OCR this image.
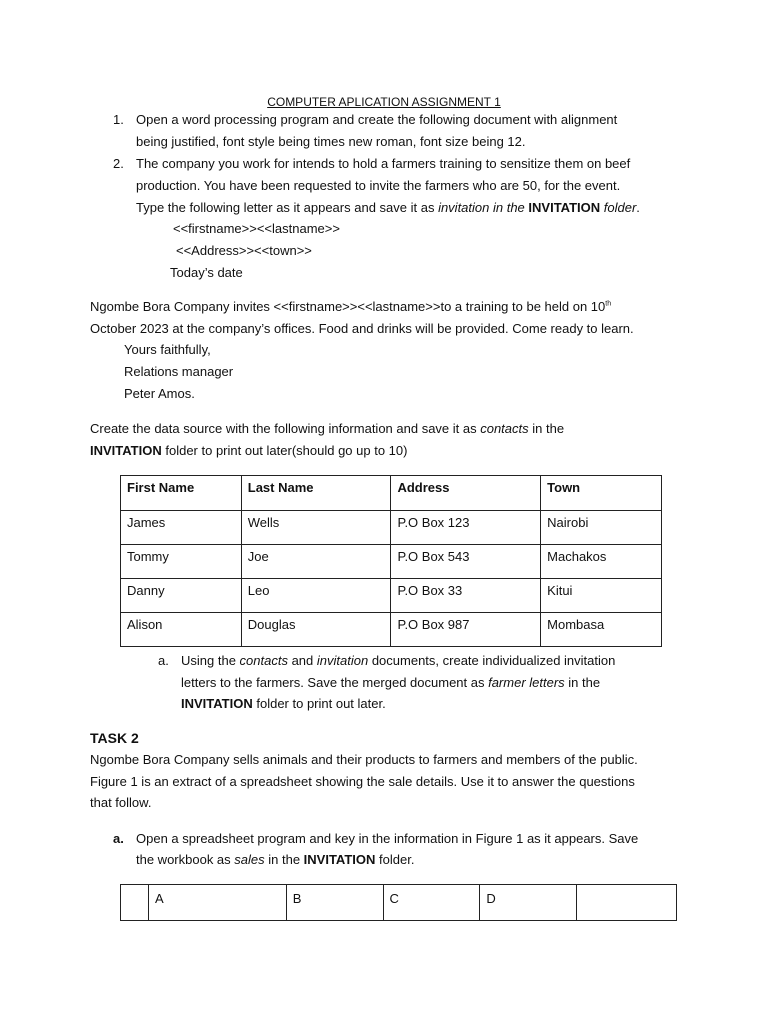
COMPUTER APLICATION ASSIGNMENT 1
1. Open a word processing program and create the following document with alignment
being justified, font style being times new roman, font size being 12.
2. The company you work for intends to hold a farmers training to sensitize them on beef
production. You have been requested to invite the farmers who are 50, for the event.
Type the following letter as it appears and save it as invitation in the INVITATION folder.
<<firstname>><<lastname>>
<<Address>><<town>>
Today’s date
Ngombe Bora Company invites <<firstname>><<lastname>>to a training to be held on 10th
October 2023 at the company’s offices. Food and drinks will be provided. Come ready to learn.
Yours faithfully,
Relations manager
Peter Amos.
Create the data source with the following information and save it as contacts in the
INVITATION folder to print out later(should go up to 10)
First Name	Last Name	Address	Town
James	Wells	P.O Box 123	Nairobi
Tommy	Joe	P.O Box 543	Machakos
Danny	Leo	P.O Box 33	Kitui
Alison	Douglas	P.O Box 987	Mombasa
a. Using the contacts and invitation documents, create individualized invitation
letters to the farmers. Save the merged document as farmer letters in the
INVITATION folder to print out later.
TASK 2
Ngombe Bora Company sells animals and their products to farmers and members of the public.
Figure 1 is an extract of a spreadsheet showing the sale details. Use it to answer the questions
that follow.
a. Open a spreadsheet program and key in the information in Figure 1 as it appears. Save
the workbook as sales in the INVITATION folder.
	A	B	C	D	
